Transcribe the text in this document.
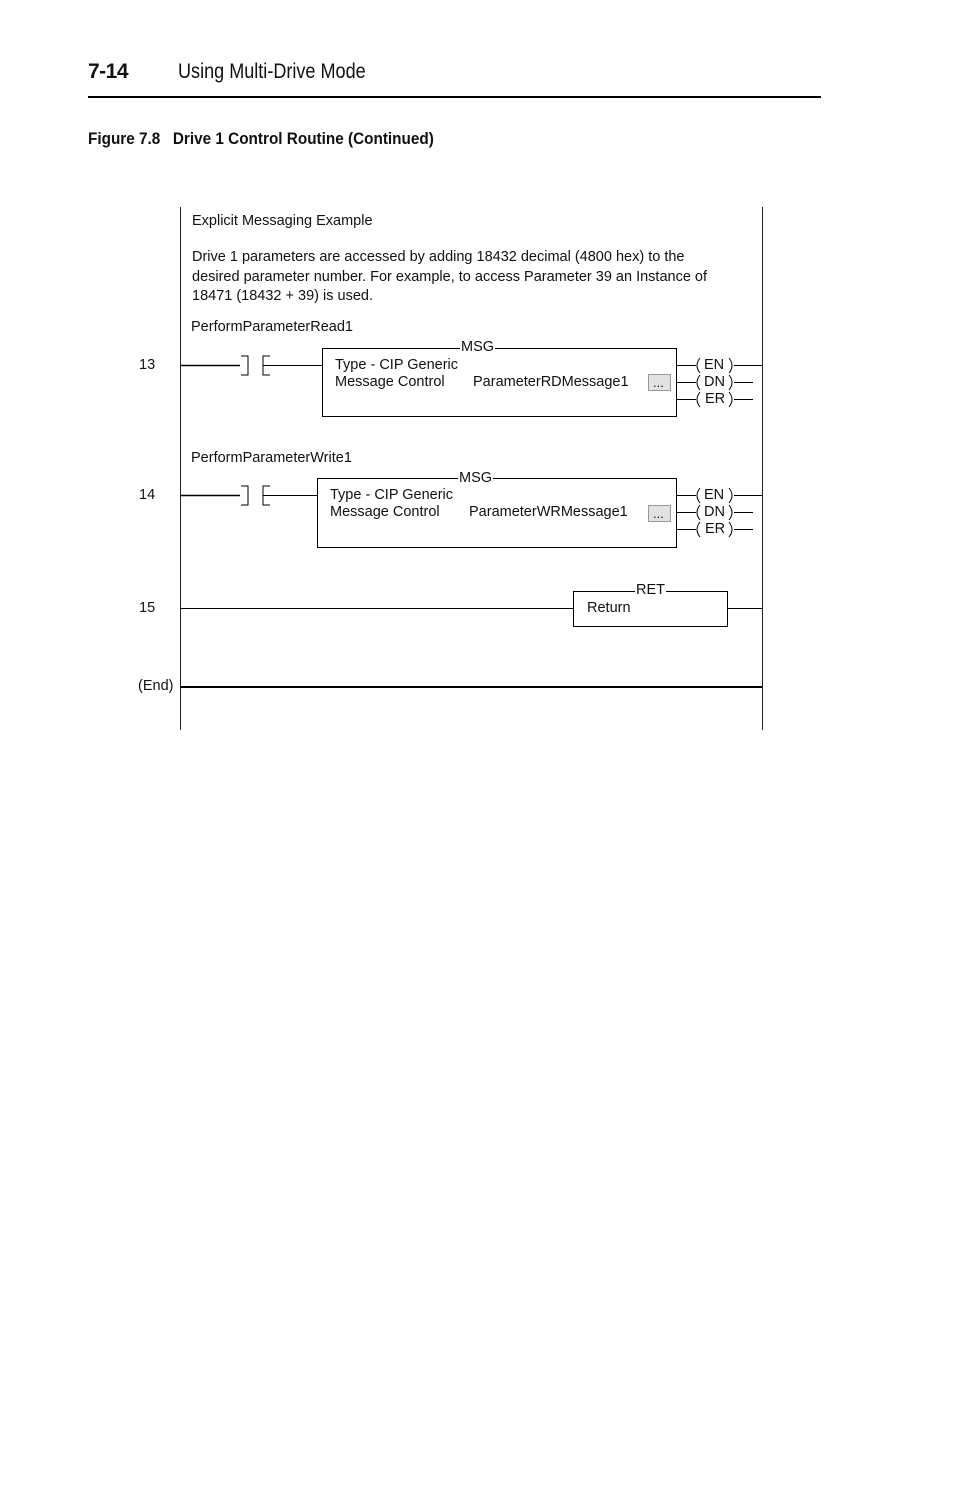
7-14 Using Multi-Drive Mode
Figure 7.8 Drive 1 Control Routine (Continued)
Explicit Messaging Example
Drive 1 parameters are accessed by adding 18432 decimal (4800 hex) to the
desired parameter number. For example, to access Parameter 39 an Instance of
18471 (18432 + 39) is used.
13
PerformParameterRead1
MSG
Type - CIP Generic
Message Control ParameterRDMessage1 ...
EN
DN
ER
14
PerformParameterWrite1
MSG
Type - CIP Generic
Message Control ParameterWRMessage1 ...
EN
DN
ER
15
RET
Return
(End)
